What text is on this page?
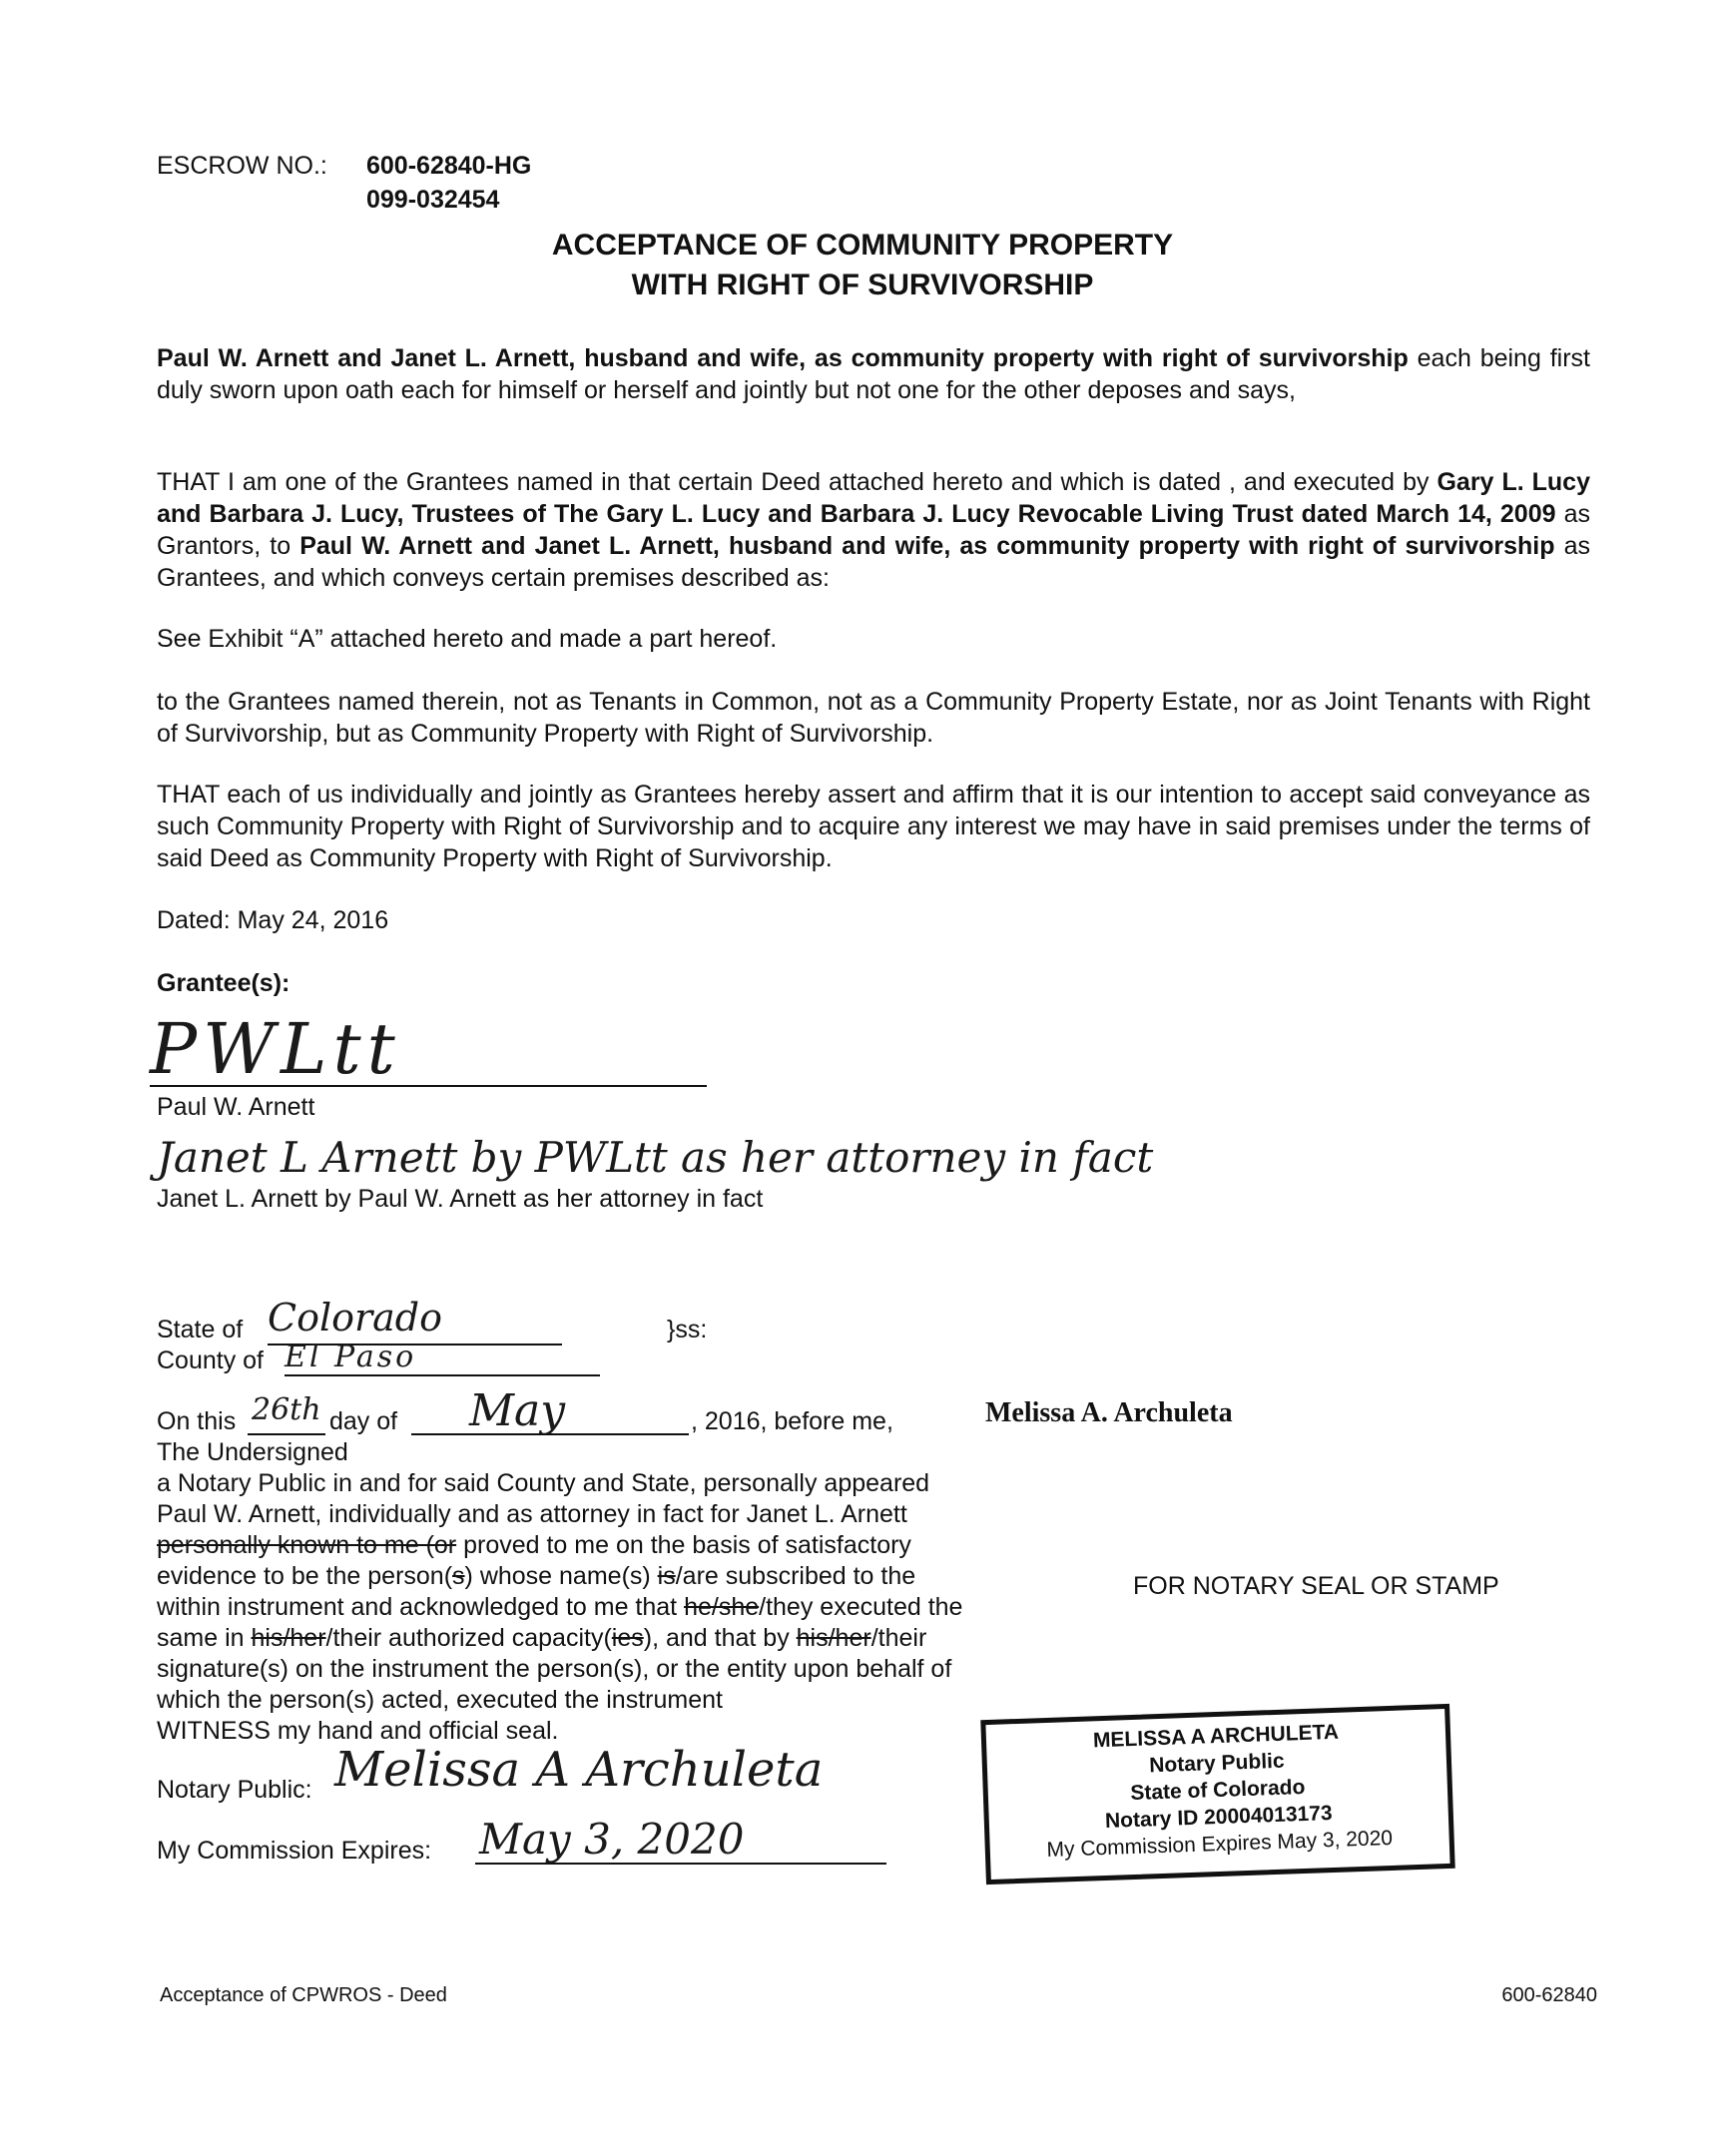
ESCROW NO.: 600-62840-HG
099-032454
ACCEPTANCE OF COMMUNITY PROPERTY
WITH RIGHT OF SURVIVORSHIP
Paul W. Arnett and Janet L. Arnett, husband and wife, as community property with right of survivorship each being first duly sworn upon oath each for himself or herself and jointly but not one for the other deposes and says,
THAT I am one of the Grantees named in that certain Deed attached hereto and which is dated , and executed by Gary L. Lucy and Barbara J. Lucy, Trustees of The Gary L. Lucy and Barbara J. Lucy Revocable Living Trust dated March 14, 2009 as Grantors, to Paul W. Arnett and Janet L. Arnett, husband and wife, as community property with right of survivorship as Grantees, and which conveys certain premises described as:
See Exhibit “A” attached hereto and made a part hereof.
to the Grantees named therein, not as Tenants in Common, not as a Community Property Estate, nor as Joint Tenants with Right of Survivorship, but as Community Property with Right of Survivorship.
THAT each of us individually and jointly as Grantees hereby assert and affirm that it is our intention to accept said conveyance as such Community Property with Right of Survivorship and to acquire any interest we may have in said premises under the terms of said Deed as Community Property with Right of Survivorship.
Dated: May 24, 2016
Grantee(s):
PWLtt
Paul W. Arnett
Janet L Arnett by PWLtt as her attorney in fact
Janet L. Arnett by Paul W. Arnett as her attorney in fact
State of Colorado	}ss:
County of El Paso
On this 26th day of May	, 2016, before me,	Melissa A. Archuleta
The Undersigned
a Notary Public in and for said County and State, personally appeared
Paul W. Arnett, individually and as attorney in fact for Janet L. Arnett
personally known to me (or proved to me on the basis of satisfactory
evidence to be the person(s) whose name(s) is/are subscribed to the
within instrument and acknowledged to me that he/she/they executed the
same in his/her/their authorized capacity(ies), and that by his/her/their
signature(s) on the instrument the person(s), or the entity upon behalf of
which the person(s) acted, executed the instrument
WITNESS my hand and official seal.
Notary Public: Melissa A Archuleta
My Commission Expires: May 3, 2020
FOR NOTARY SEAL OR STAMP
MELISSA A ARCHULETA
Notary Public
State of Colorado
Notary ID 20004013173
My Commission Expires May 3, 2020
Acceptance of CPWROS - Deed	600-62840
